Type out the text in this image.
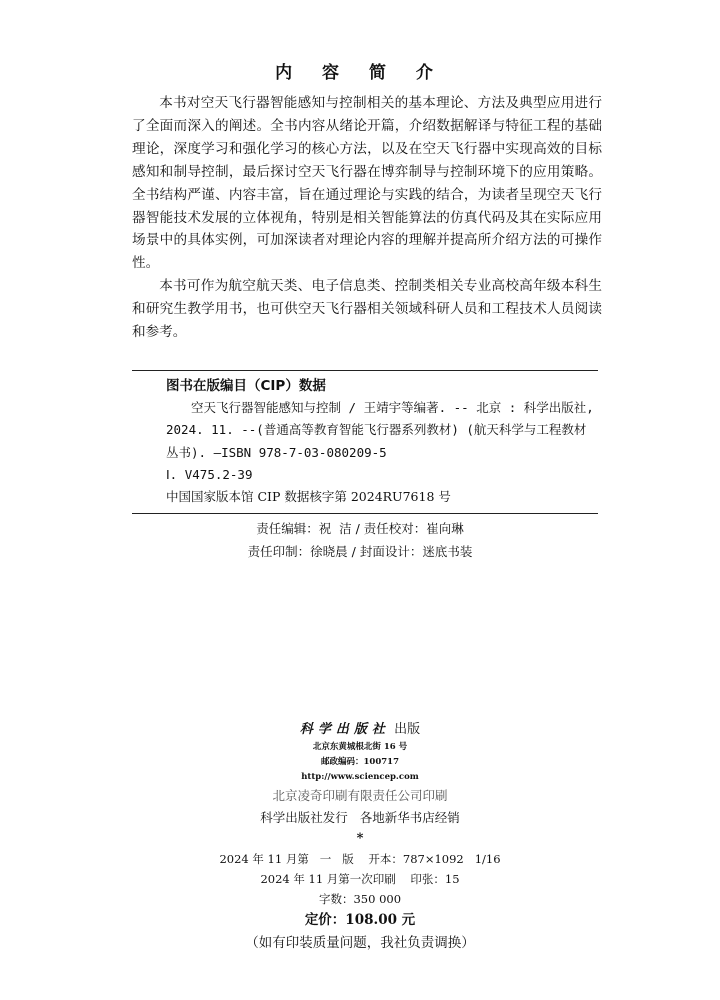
内 容 简 介

本书对空天飞行器智能感知与控制相关的基本理论、方法及典型应用进行了全面而深入的阐述。全书内容从绪论开篇，介绍数据解译与特征工程的基础理论，深度学习和强化学习的核心方法，以及在空天飞行器中实现高效的目标感知和制导控制，最后探讨空天飞行器在博弈制导与控制环境下的应用策略。全书结构严谨、内容丰富，旨在通过理论与实践的结合，为读者呈现空天飞行器智能技术发展的立体视角，特别是相关智能算法的仿真代码及其在实际应用场景中的具体实例，可加深读者对理论内容的理解并提高所介绍方法的可操作性。

本书可作为航空航天类、电子信息类、控制类相关专业高校高年级本科生和研究生教学用书，也可供空天飞行器相关领域科研人员和工程技术人员阅读和参考。

图书在版编目（CIP）数据
空天飞行器智能感知与控制 / 王靖宇等编著. -- 北京 : 科学出版社, 2024. 11. --(普通高等教育智能飞行器系列教材) (航天科学与工程教材丛书). —ISBN 978-7-03-080209-5
Ⅰ. V475.2-39
中国国家版本馆 CIP 数据核字第 2024RU7618 号
责任编辑：祝  洁 / 责任校对：崔向琳
责任印制：徐晓晨 / 封面设计：迷底书装
科学出版社 出版
北京东黄城根北街 16 号
邮政编码：100717
http://www.sciencep.com
北京凌奇印刷有限责任公司印刷
科学出版社发行   各地新华书店经销
*
2024 年 11 月第   一   版    开本：787×1092   1/16
2024 年 11 月第一次印刷    印张：15
字数：350 000
定价：108.00 元
（如有印装质量问题，我社负责调换）
